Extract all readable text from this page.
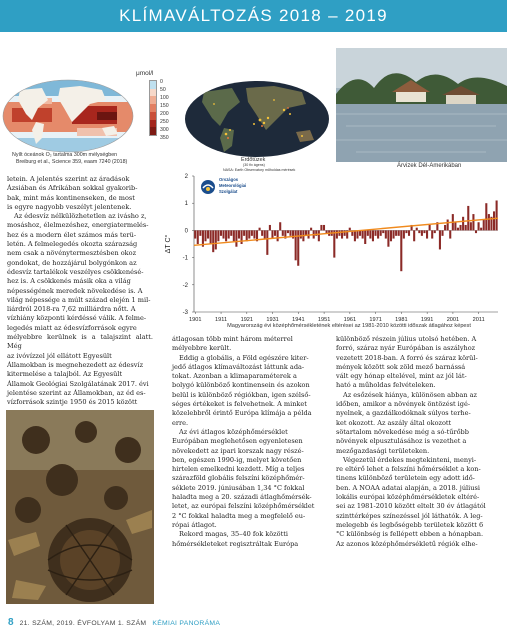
KLÍMAVÁLTOZÁS 2018 – 2019
μmol/l
0
50
100
150
200
250
300
350
Nyílt óceánok O₂ tartalma 300m mélységben
Breiburg et al., Science 359, eaam 7240 (2018)	Erdőtüzek
(30 fix ágens)
NASA: Earth Observatory műholdas mérések
Árvizek Dél-Amerikában

letein. A jelentés szerint az áradások

Ázsiában és Afrikában sokkal gyakorib-

bak, mint más kontinenseken, de most

is egyre nagyobb veszélyt jelentenek.

Az édesvíz nélkülözhetetlen az ivásho z,

mosáshoz, élelmezéshez, energiatermelés-

hez és a modern élet számos más terü-

letén. A felmelegedés okozta szárazság

nem csak a növénytermesztésben okoz

gondokat, de hozzájárul bolygónkon az

édesvíz tartalékok veszélyes csökkenésé-

hez is. A csökkenés másik oka a világ

népességének meredek növekedése is. A

világ népessége a múlt század elején 1 mil-

liárdról 2018-ra 7,62 milliárdra nőtt. A

vízhiány központi kérdéssé válik. A felme-

legedés miatt az édesvízforrások egyre

mélyebbre kerülnek is a talajszint alatt. Még

az ivóvízzel jól ellátott Egyesült

Államokban is megnehezedett az édesvíz

kitermelése a talajból. Az Egyesült

Államok Geológiai Szolgálatának 2017. évi

jelentése szerint az Államokban, az éd es-

vízforrások szintje 1950 és 2015 között

2
1
0
-1
-2
-3
ΔT C°
1901 1911 1921 1931 1941 1951 1961 1971 1981 1991 2001 2011
Országos
Meteorológiai
Szolgálat
Magyarország évi középhőmérsékletének eltérései az 1981-2010 közötti időszak átlagához képest

átlagosan több mint három méterrel

mélyebbre került.

Eddig a globális, a Föld egészére kiter-

jedő átlagos klímaváltozást láttunk ada-

tokat. Azonban a klimaparaméterek a

bolygó különböző kontinensein és azokon

belül is különböző régiókban, igen szélső-

séges értékeket is felvehetnek. A minket

közelebbről érintő Európa klímája a példa

erre.

Az évi átlagos középhőmérséklet

Európában meglehetősen egyenletesen

növekedett az ipari korszak nagy részé-

ben, egészen 1990-ig, melyet követően

hirtelen emelkedni kezdett. Míg a teljes

szárazföld globális felszíni középhőmér-

séklete 2019. júniusában 1,34 °C fokkal

haladta meg a 20. századi átlaghőmérsék-

letet, az európai felszíni középhőmérséklet

2 °C fokkal haladta meg a megfelelő eu-

rópai átlagot.

Rekord magas, 35–40 fok közötti

hőmérsékleteket regisztráltak Európa

különböző részein július utolsó hetében. A

forró, száraz nyár Európában is aszályhoz

vezetett 2018-ban. A forró és száraz körül-

mények között sok zöld mező barnássá

vált egy hónap eltelével, mint az jól lát-

ható a műholdas felvételeken.

Az esőzések hiánya, különösen abban az

időben, amikor a növények öntözést igé-

nyelnek, a gazdálkodóknak súlyos terhe-

ket okozott. Az aszály által okozott

sötartalom növekedése még a só-tűrőbb

növények elpusztulásához is vezethet a

mezőgazdasági területeken.

Végezetül érdekes megtekinteni, menyi-

re eltérő lehet a felszíni hőmérséklet a kon-

tinens különböző területein egy adott idő-

ben. A NOAA adatai alapján, a 2018. júliusi

lokális európai középhőmérsékletek eltéré-

sei az 1981-2010 között eltelt 30 év átlagától

szinttérképes színezéssel jól láthatók. A leg-

melegebb és legbőségebb területek között 6

°C különbség is fellépett ebben a hónapban.

Az azonos középhőmérsékletű régiók elhe-

8 21. SZÁM, 2019. ÉVFOLYAM 1. SZÁM KÉMIAI PANORÁMA
